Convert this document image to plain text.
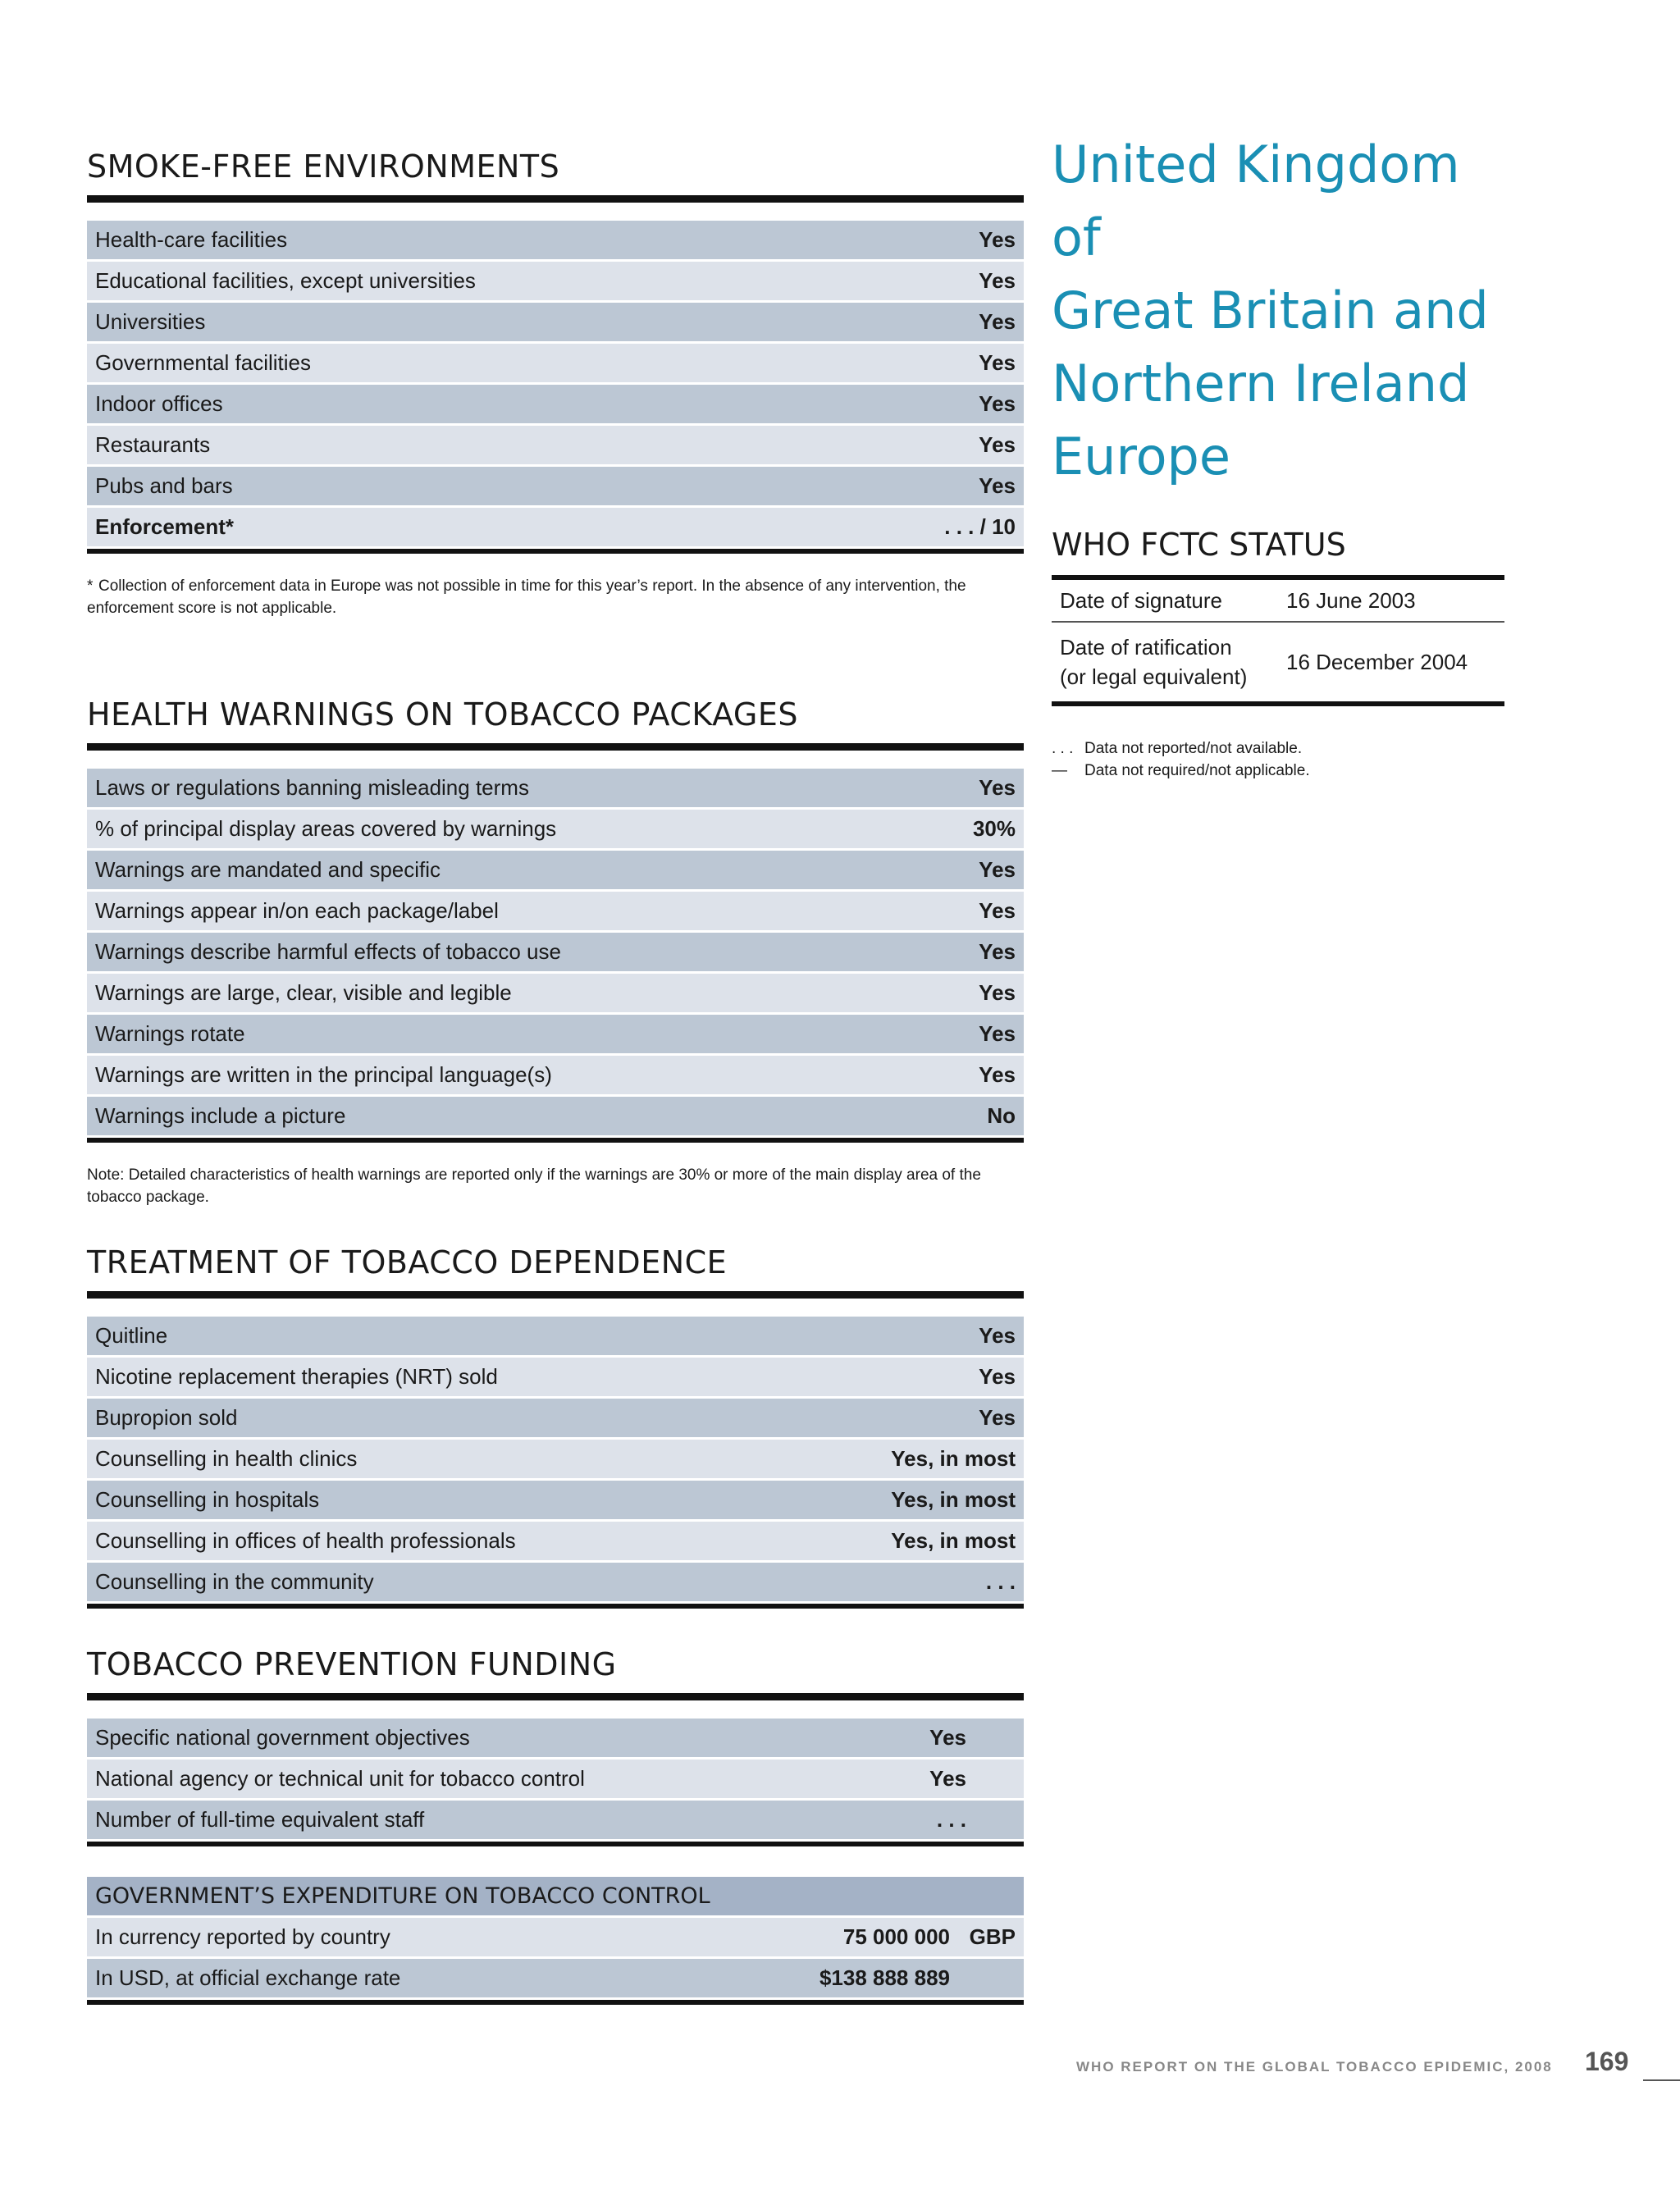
SMOKE-FREE ENVIRONMENTS
Health-care facilities	Yes
Educational facilities, except universities	Yes
Universities	Yes
Governmental facilities	Yes
Indoor offices	Yes
Restaurants	Yes
Pubs and bars	Yes
Enforcement*	. . . / 10
* Collection of enforcement data in Europe was not possible in time for this year’s report. In the absence of any intervention, the enforcement score is not applicable.
HEALTH WARNINGS ON TOBACCO PACKAGES
Laws or regulations banning misleading terms	Yes
% of principal display areas covered by warnings	30%
Warnings are mandated and specific	Yes
Warnings appear in/on each package/label	Yes
Warnings describe harmful effects of tobacco use	Yes
Warnings are large, clear, visible and legible	Yes
Warnings rotate	Yes
Warnings are written in the principal language(s)	Yes
Warnings include a picture	No
Note: Detailed characteristics of health warnings are reported only if the warnings are 30% or more of the main display area of the tobacco package.
TREATMENT OF TOBACCO DEPENDENCE
Quitline	Yes
Nicotine replacement therapies (NRT) sold	Yes
Bupropion sold	Yes
Counselling in health clinics	Yes, in most
Counselling in hospitals	Yes, in most
Counselling in offices of health professionals	Yes, in most
Counselling in the community	. . .
TOBACCO PREVENTION FUNDING
Specific national government objectives	Yes
National agency or technical unit for tobacco control	Yes
Number of full-time equivalent staff	. . .
GOVERNMENT’S EXPENDITURE ON TOBACCO CONTROL		
In currency reported by country	75 000 000	GBP
In USD, at official exchange rate	$138 888 889	
United Kingdom of
Great Britain and
Northern Ireland
Europe
WHO FCTC STATUS
Date of signature	16 June 2003

Date of ratification
(or legal equivalent)	16 December 2004
. . . Data not reported/not available.
— Data not required/not applicable.
WHO REPORT ON THE GLOBAL TOBACCO EPIDEMIC, 2008 169
